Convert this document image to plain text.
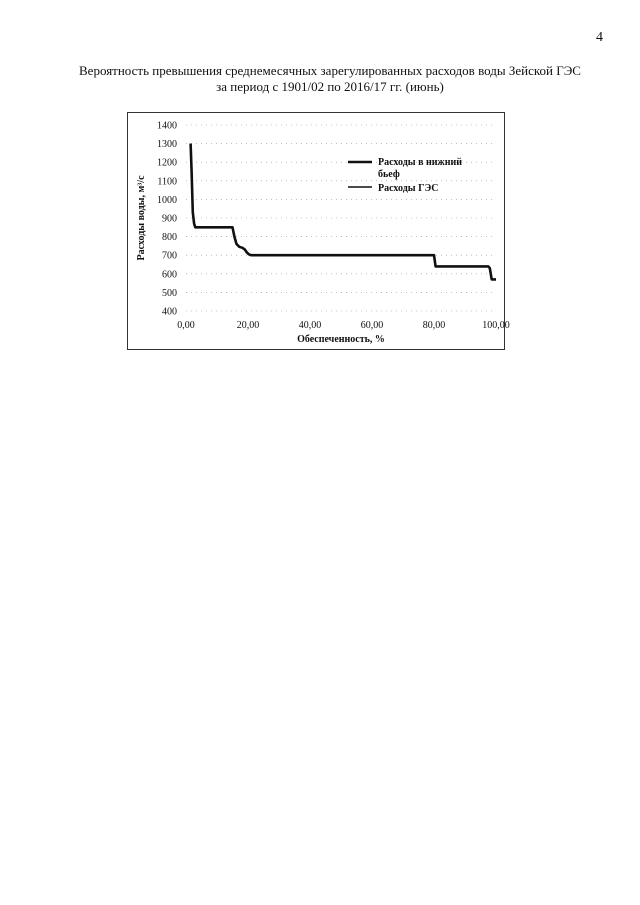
4
Вероятность превышения среднемесячных зарегулированных расходов воды Зейской ГЭС
за период с 1901/02 по 2016/17 гг. (июнь)
400
500
600
700
800
900
1000
1100
1200
1300
1400
0,00	20,00	40,00	60,00	80,00	100,00
Обеспеченность, %
Расходы воды, м³/с
Расходы в нижний бьеф
Расходы ГЭС
